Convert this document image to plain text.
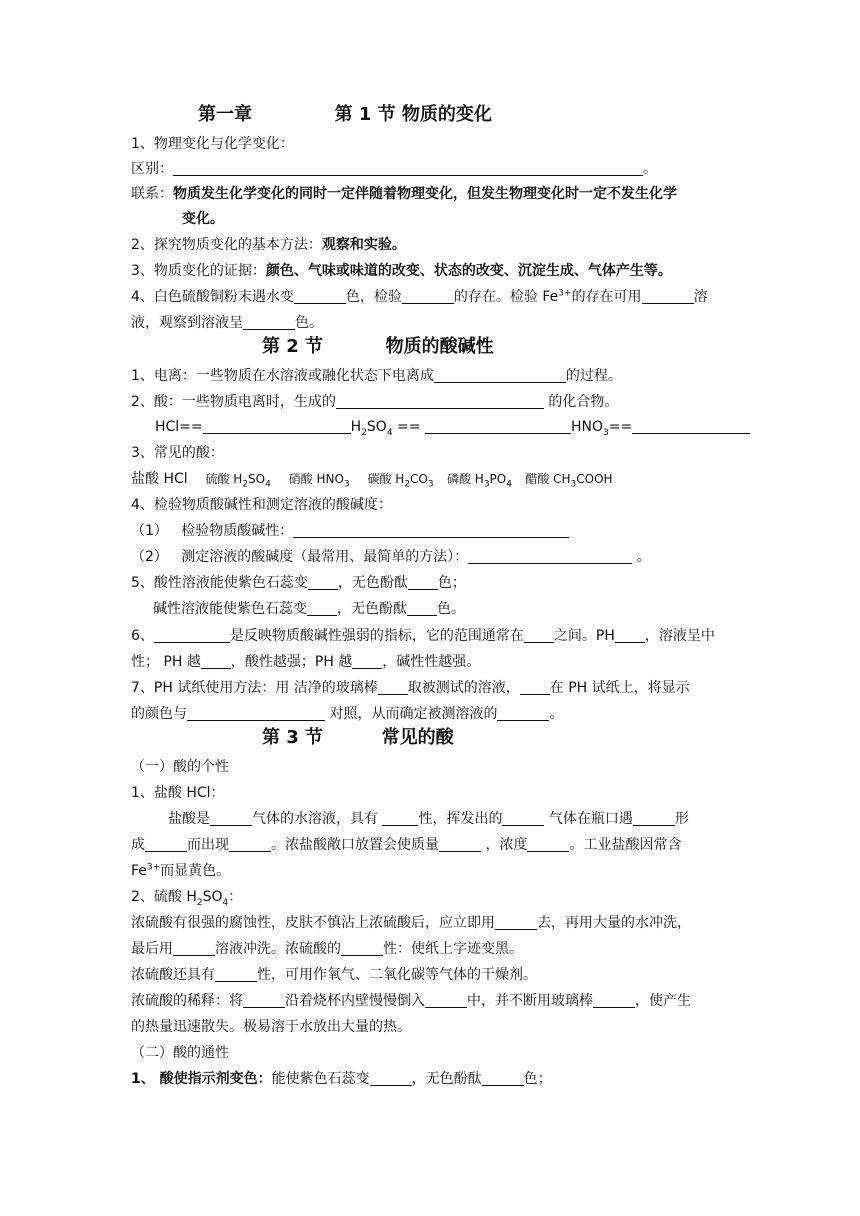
第一章	第 1 节 物质的变化
1、物理变化与化学变化：
区别：	。
联系：物质发生化学变化的同时一定伴随着物理变化，但发生物理变化时一定不发生化学
变化。
2、探究物质变化的基本方法：观察和实验。
3、物质变化的证据：颜色、气味或味道的改变、状态的改变、沉淀生成、气体产生等。
4、白色硫酸铜粉末遇水变	色，检验	的存在。检验 $Fe^{3+}$的存在可用	溶
液，观察到溶液呈	色。
第 2 节	物质的酸碱性
1、电离：一些物质在水溶液或融化状态下电离成	的过程。
2、酸：一些物质电离时，生成的	的化合物。
HCl==	$H_2SO_4$ ==	$HNO_3==$
3、常见的酸：
盐酸 HCl 硫酸 $H_2SO_4$ 硝酸 $HNO_3$ 碳酸 $H_2CO_3$ 磷酸 $H_3PO_4$ 醋酸 $CH_3COOH$
4、检验物质酸碱性和测定溶液的酸碱度：
（1） 检验物质酸碱性：
（2） 测定溶液的酸碱度（最常用、最简单的方法）：	。
5、酸性溶液能使紫色石蕊变 ，无色酚酞 色；
碱性溶液能使紫色石蕊变 ，无色酚酞 色。
6、	是反映物质酸碱性强弱的指标，它的范围通常在 之间。PH ，溶液呈中
性； PH 越 ，酸性越强；PH 越 ，碱性性越强。
7、PH 试纸使用方法：用 洁净的玻璃棒 取被测试的溶液， 在 PH 试纸上，将显示
的颜色与	对照，从而确定被测溶液的	。
第 3 节	常见的酸
（一）酸的个性
1、盐酸 HCl：
盐酸是	气体的水溶液，具有	性，挥发出的	气体在瓶口遇	形
成	而出现	。浓盐酸敞口放置会使质量	，浓度	。工业盐酸因常含
$Fe^{3+}$而显黄色。
2、硫酸 $H_2SO_4$：
浓硫酸有很强的腐蚀性，皮肤不慎沾上浓硫酸后，应立即用	去，再用大量的水冲洗，
最后用	溶液冲洗。浓硫酸的	性：使纸上字迹变黑。
浓硫酸还具有	性，可用作氧气、二氧化碳等气体的干燥剂。
浓硫酸的稀释：将	沿着烧杯内壁慢慢倒入	中，并不断用玻璃棒	，使产生
的热量迅速散失。极易溶于水放出大量的热。
（二）酸的通性
1、 酸使指示剂变色：能使紫色石蕊变	，无色酚酞	色；
